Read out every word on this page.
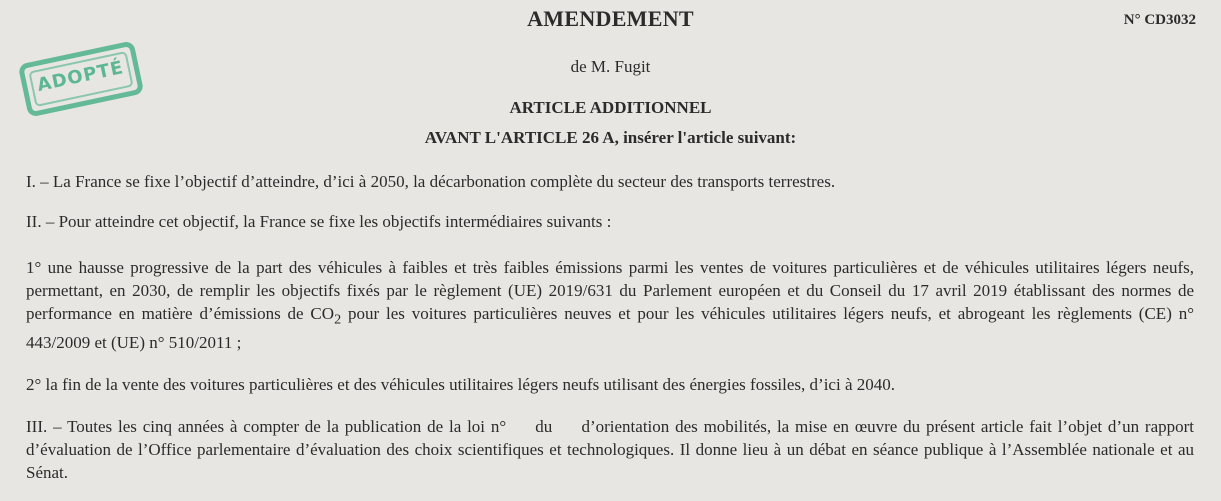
AMENDEMENT	N° CD3032
ADOPTÉ	de M. Fugit
ARTICLE ADDITIONNEL
AVANT L'ARTICLE 26 A, insérer l'article suivant:

I. – La France se fixe l’objectif d’atteindre, d’ici à 2050, la décarbonation complète du secteur des transports terrestres.

II. – Pour atteindre cet objectif, la France se fixe les objectifs intermédiaires suivants :

1° une hausse progressive de la part des véhicules à faibles et très faibles émissions parmi les ventes de voitures particulières et de véhicules utilitaires légers neufs, permettant, en 2030, de remplir les objectifs fixés par le règlement (UE) 2019/631 du Parlement européen et du Conseil du 17 avril 2019 établissant des normes de performance en matière d’émissions de $CO_2$ pour les voitures particulières neuves et pour les véhicules utilitaires légers neufs, et abrogeant les règlements (CE) n° 443/2009 et (UE) n° 510/2011 ;

2° la fin de la vente des voitures particulières et des véhicules utilitaires légers neufs utilisant des énergies fossiles, d’ici à 2040.

III. – Toutes les cinq années à compter de la publication de la loi n°     du     d’orientation des mobilités, la mise en œuvre du présent article fait l’objet d’un rapport d’évaluation de l’Office parlementaire d’évaluation des choix scientifiques et technologiques. Il donne lieu à un débat en séance publique à l’Assemblée nationale et au Sénat.
